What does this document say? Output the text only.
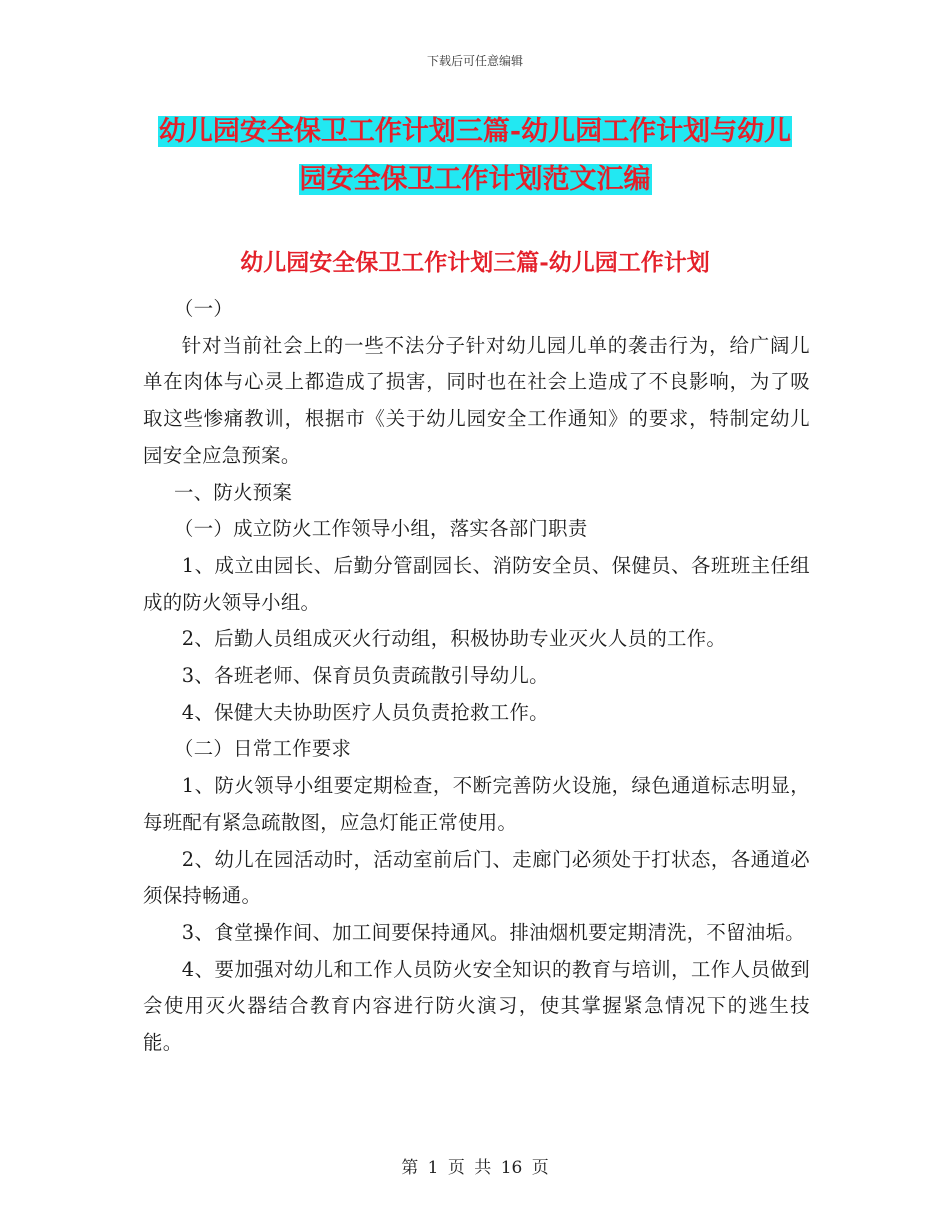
下载后可任意编辑
幼儿园安全保卫工作计划三篇-幼儿园工作计划与幼儿
园安全保卫工作计划范文汇编
幼儿园安全保卫工作计划三篇-幼儿园工作计划

（一）

针对当前社会上的一些不法分子针对幼儿园儿单的袭击行为，给广阔儿单在肉体与心灵上都造成了损害，同时也在社会上造成了不良影响，为了吸取这些惨痛教训，根据市《关于幼儿园安全工作通知》的要求，特制定幼儿园安全应急预案。

一、防火预案

（一）成立防火工作领导小组，落实各部门职责

1、成立由园长、后勤分管副园长、消防安全员、保健员、各班班主任组成的防火领导小组。

2、后勤人员组成灭火行动组，积极协助专业灭火人员的工作。

3、各班老师、保育员负责疏散引导幼儿。

4、保健大夫协助医疗人员负责抢救工作。

（二）日常工作要求

1、防火领导小组要定期检查，不断完善防火设施，绿色通道标志明显，每班配有紧急疏散图，应急灯能正常使用。

2、幼儿在园活动时，活动室前后门、走廊门必须处于打状态，各通道必须保持畅通。

3、食堂操作间、加工间要保持通风。排油烟机要定期清洗，不留油垢。

4、要加强对幼儿和工作人员防火安全知识的教育与培训，工作人员做到会使用灭火器结合教育内容进行防火演习，使其掌握紧急情况下的逃生技能。

第 1 页 共 16 页
